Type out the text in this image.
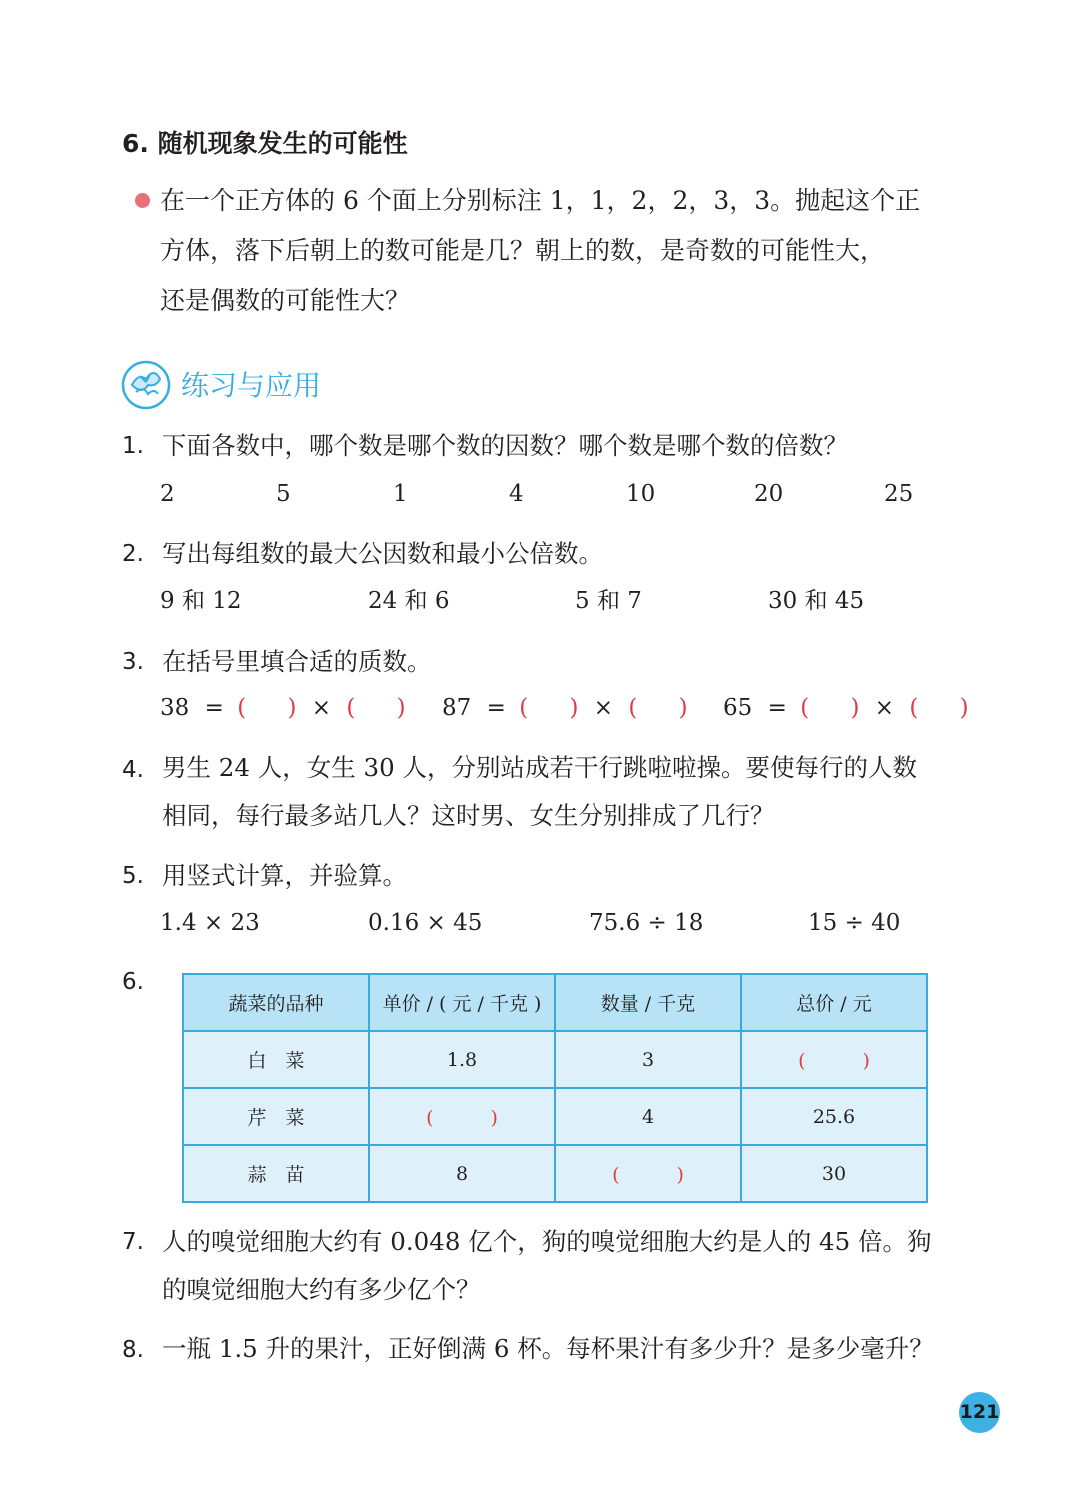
6. 随机现象发生的可能性
在一个正方体的 6 个面上分别标注 1，1，2，2，3，3。抛起这个正
方体，落下后朝上的数可能是几？朝上的数，是奇数的可能性大，
还是偶数的可能性大？
练习与应用
1. 下面各数中，哪个数是哪个数的因数？哪个数是哪个数的倍数？
2	5	1	4	10	20	25
2. 写出每组数的最大公因数和最小公倍数。
9 和 12	24 和 6	5 和 7	30 和 45
3. 在括号里填合适的质数。
38 = ( ) × ( ) 87 = ( ) × ( ) 65 = ( ) × ( )
4. 男生 24 人，女生 30 人，分别站成若干行跳啦啦操。要使每行的人数
相同，每行最多站几人？这时男、女生分别排成了几行？
5. 用竖式计算，并验算。
1.4 × 23	0.16 × 45	75.6 ÷ 18	15 ÷ 40
6.
蔬菜的品种	单价 / ( 元 / 千克 )	数量 / 千克	总价 / 元
白　菜	1.8	3	(　　　)
芹　菜	(　　　)	4	25.6
蒜　苗	8	(　　　)	30
7. 人的嗅觉细胞大约有 0.048 亿个，狗的嗅觉细胞大约是人的 45 倍。狗
的嗅觉细胞大约有多少亿个？
8. 一瓶 1.5 升的果汁，正好倒满 6 杯。每杯果汁有多少升？是多少毫升？
121
